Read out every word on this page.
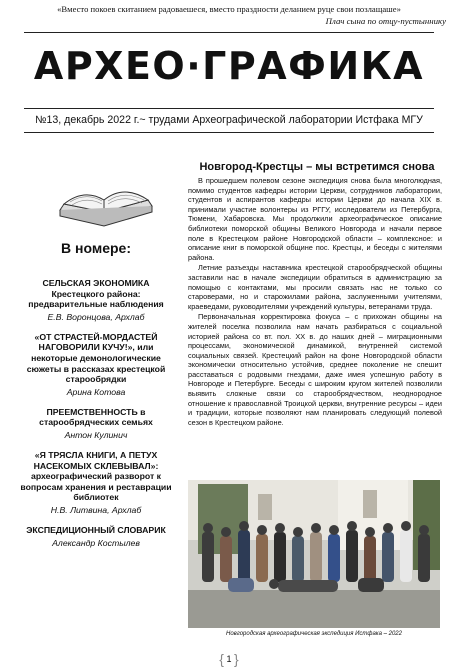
«Вместо покоев скитанием радоваешеся, вместо праздности деланием руце свои позлащаше»
Плач сына по отцу-пустыннику
АРХЕО·ГРАФИКА
№13, декабрь 2022 г.~ трудами Археографической лаборатории Истфака МГУ
В номере:
СЕЛЬСКАЯ ЭКОНОМИКА Крестецкого района: предварительные наблюдения
Е.В. Воронцова, Архлаб
«ОТ СТРАСТЕЙ-МОРДАСТЕЙ НАГОВОРИЛИ КУЧУ!», или некоторые демонологические сюжеты в рассказах крестецкой старообрядки
Арина Котова
ПРЕЕМСТВЕННОСТЬ в старообрядческих семьях
Антон Кулинич
«Я ТРЯСЛА КНИГИ, А ПЕТУХ НАСЕКОМЫХ СКЛЕВЫВАЛ»: археографический разворот к вопросам хранения и реставрации библиотек
Н.В. Литвина, Архлаб
ЭКСПЕДИЦИОННЫЙ СЛОВАРИК
Александр Костылев
Новгород-Крестцы – мы встретимся снова

В прошедшем полевом сезоне экспедиция снова была многолюдная, помимо студентов кафедры истории Церкви, сотрудников лаборатории, студентов и аспирантов кафедры истории Церкви до начала XIX в. принимали участие волонтеры из РГГУ, исследователи из Петербурга, Тюмени, Хабаровска. Мы продолжили археографическое описание библиотеки поморской общины Великого Новгорода и начали первое поле в Крестецком районе Новгородской области – комплексное: и описание книг в поморской общине пос. Крестцы, и беседы с жителями района.

Летние разъезды наставника крестецкой старообрядческой общины заставили нас в начале экспедиции обратиться в администрацию за помощью с контактами, мы просили связать нас не только со староверами, но и старожилами района, заслуженными учителями, краеведами, руководителями учреждений культуры, ветеранами труда.

Первоначальная корректировка фокуса – с прихожан общины на жителей поселка позволила нам начать разбираться с социальной историей района со вт. пол. XX в. до наших дней – миграционными процессами, экономической динамикой, внутренней системой социальных связей. Крестецкий район на фоне Новгородской области экономически относительно устойчив, среднее поколение не спешит расставаться с родовыми гнездами, даже имея успешную работу в Новгороде и Петербурге. Беседы с широким кругом жителей позволили выявить сложные связи со старообрядчеством, неоднородное отношение к православной Троицкой церкви, внутренние ресурсы – идеи и традиции, которые позволяют нам планировать следующий полевой сезон в Крестецком районе.

Новгородская археографическая экспедиция Истфака – 2022
{ 1 }
